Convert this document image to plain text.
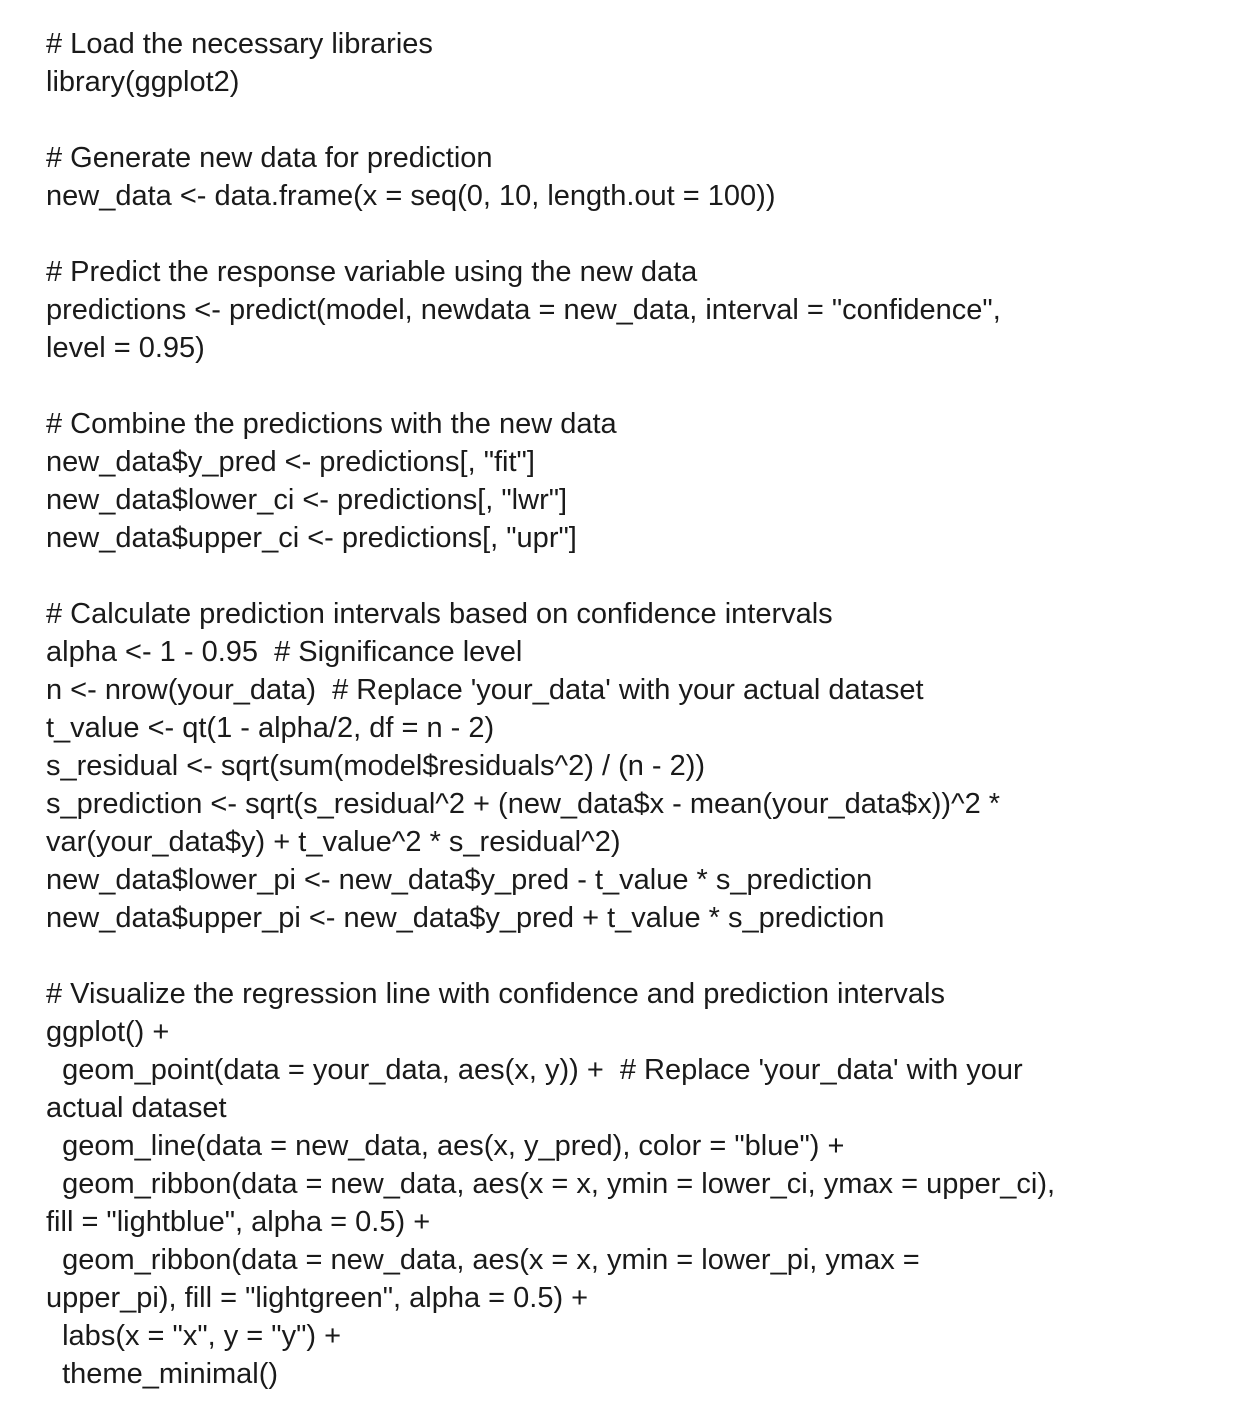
# Load the necessary libraries
library(ggplot2)
# Generate new data for prediction
new_data <- data.frame(x = seq(0, 10, length.out = 100))
# Predict the response variable using the new data
predictions <- predict(model, newdata = new_data, interval = "confidence",
level = 0.95)
# Combine the predictions with the new data
new_data$y_pred <- predictions[, "fit"]
new_data$lower_ci <- predictions[, "lwr"]
new_data$upper_ci <- predictions[, "upr"]
# Calculate prediction intervals based on confidence intervals
alpha <- 1 - 0.95  # Significance level
n <- nrow(your_data)  # Replace 'your_data' with your actual dataset
t_value <- qt(1 - alpha/2, df = n - 2)
s_residual <- sqrt(sum(model$residuals^2) / (n - 2))
s_prediction <- sqrt(s_residual^2 + (new_data$x - mean(your_data$x))^2 *
var(your_data$y) + t_value^2 * s_residual^2)
new_data$lower_pi <- new_data$y_pred - t_value * s_prediction
new_data$upper_pi <- new_data$y_pred + t_value * s_prediction
# Visualize the regression line with confidence and prediction intervals
ggplot() +
geom_point(data = your_data, aes(x, y)) +  # Replace 'your_data' with your
actual dataset
geom_line(data = new_data, aes(x, y_pred), color = "blue") +
geom_ribbon(data = new_data, aes(x = x, ymin = lower_ci, ymax = upper_ci),
fill = "lightblue", alpha = 0.5) +
geom_ribbon(data = new_data, aes(x = x, ymin = lower_pi, ymax =
upper_pi), fill = "lightgreen", alpha = 0.5) +
labs(x = "x", y = "y") +
theme_minimal()
